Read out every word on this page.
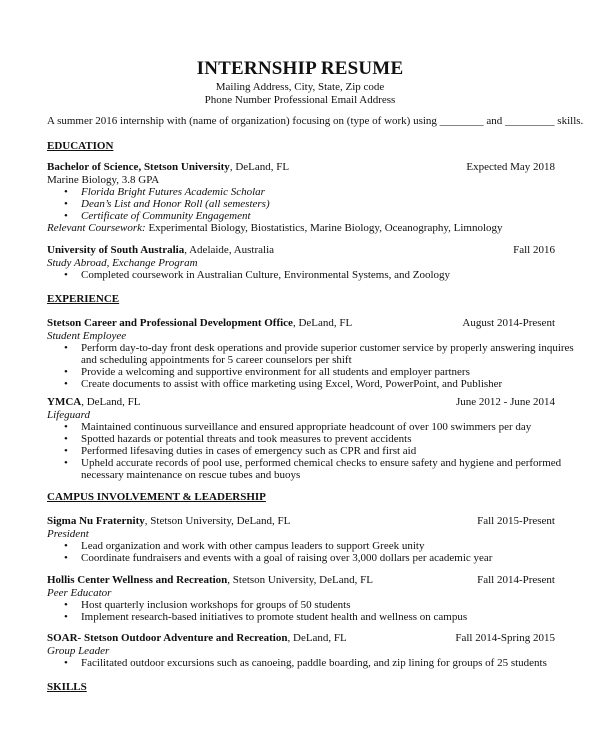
INTERNSHIP RESUME
Mailing Address, City, State, Zip code
Phone Number Professional Email Address
A summer 2016 internship with (name of organization) focusing on (type of work) using ________ and _________ skills.
EDUCATION
Bachelor of Science, Stetson University, DeLand, FL	Expected May 2018
Marine Biology, 3.8 GPA
• Florida Bright Futures Academic Scholar
• Dean’s List and Honor Roll (all semesters)
• Certificate of Community Engagement
Relevant Coursework: Experimental Biology, Biostatistics, Marine Biology, Oceanography, Limnology
University of South Australia, Adelaide, Australia	Fall 2016
Study Abroad, Exchange Program
• Completed coursework in Australian Culture, Environmental Systems, and Zoology
EXPERIENCE
Stetson Career and Professional Development Office, DeLand, FL	August 2014-Present
Student Employee
• Perform day-to-day front desk operations and provide superior customer service by properly answering inquires
and scheduling appointments for 5 career counselors per shift
• Provide a welcoming and supportive environment for all students and employer partners
• Create documents to assist with office marketing using Excel, Word, PowerPoint, and Publisher
YMCA, DeLand, FL	June 2012 - June 2014
Lifeguard
• Maintained continuous surveillance and ensured appropriate headcount of over 100 swimmers per day
• Spotted hazards or potential threats and took measures to prevent accidents
• Performed lifesaving duties in cases of emergency such as CPR and first aid
• Upheld accurate records of pool use, performed chemical checks to ensure safety and hygiene and performed
necessary maintenance on rescue tubes and buoys
CAMPUS INVOLVEMENT & LEADERSHIP
Sigma Nu Fraternity, Stetson University, DeLand, FL	Fall 2015-Present
President
• Lead organization and work with other campus leaders to support Greek unity
• Coordinate fundraisers and events with a goal of raising over 3,000 dollars per academic year
Hollis Center Wellness and Recreation, Stetson University, DeLand, FL	Fall 2014-Present
Peer Educator
• Host quarterly inclusion workshops for groups of 50 students
• Implement research-based initiatives to promote student health and wellness on campus
SOAR- Stetson Outdoor Adventure and Recreation, DeLand, FL	Fall 2014-Spring 2015
Group Leader
• Facilitated outdoor excursions such as canoeing, paddle boarding, and zip lining for groups of 25 students
SKILLS
